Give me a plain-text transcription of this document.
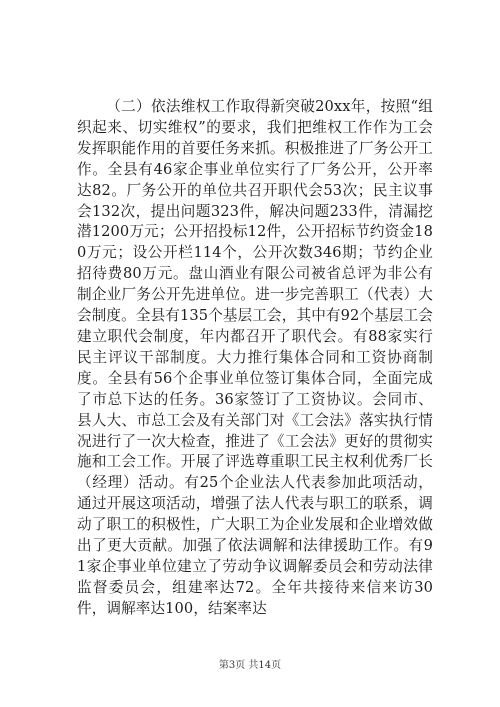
（二）依法维权工作取得新突破20xx年，按照“组织起来、切实维权”的要求，我们把维权工作作为工会发挥职能作用的首要任务来抓。积极推进了厂务公开工作。全县有46家企事业单位实行了厂务公开，公开率达82。厂务公开的单位共召开职代会53次；民主议事会132次，提出问题323件，解决问题233件，清漏挖潜1200万元；公开招投标12件，公开招标节约资金180万元；设公开栏114个，公开次数346期；节约企业招待费80万元。盘山酒业有限公司被省总评为非公有制企业厂务公开先进单位。进一步完善职工（代表）大会制度。全县有135个基层工会，其中有92个基层工会建立职代会制度，年内都召开了职代会。有88家实行民主评议干部制度。大力推行集体合同和工资协商制度。全县有56个企事业单位签订集体合同，全面完成了市总下达的任务。36家签订了工资协议。会同市、县人大、市总工会及有关部门对《工会法》落实执行情况进行了一次大检查，推进了《工会法》更好的贯彻实施和工会工作。开展了评选尊重职工民主权利优秀厂长（经理）活动。有25个企业法人代表参加此项活动，通过开展这项活动，增强了法人代表与职工的联系，调动了职工的积极性，广大职工为企业发展和企业增效做出了更大贡献。加强了依法调解和法律援助工作。有91家企事业单位建立了劳动争议调解委员会和劳动法律监督委员会，组建率达72。全年共接待来信来访30件，调解率达100，结案率达

第3页 共14页
